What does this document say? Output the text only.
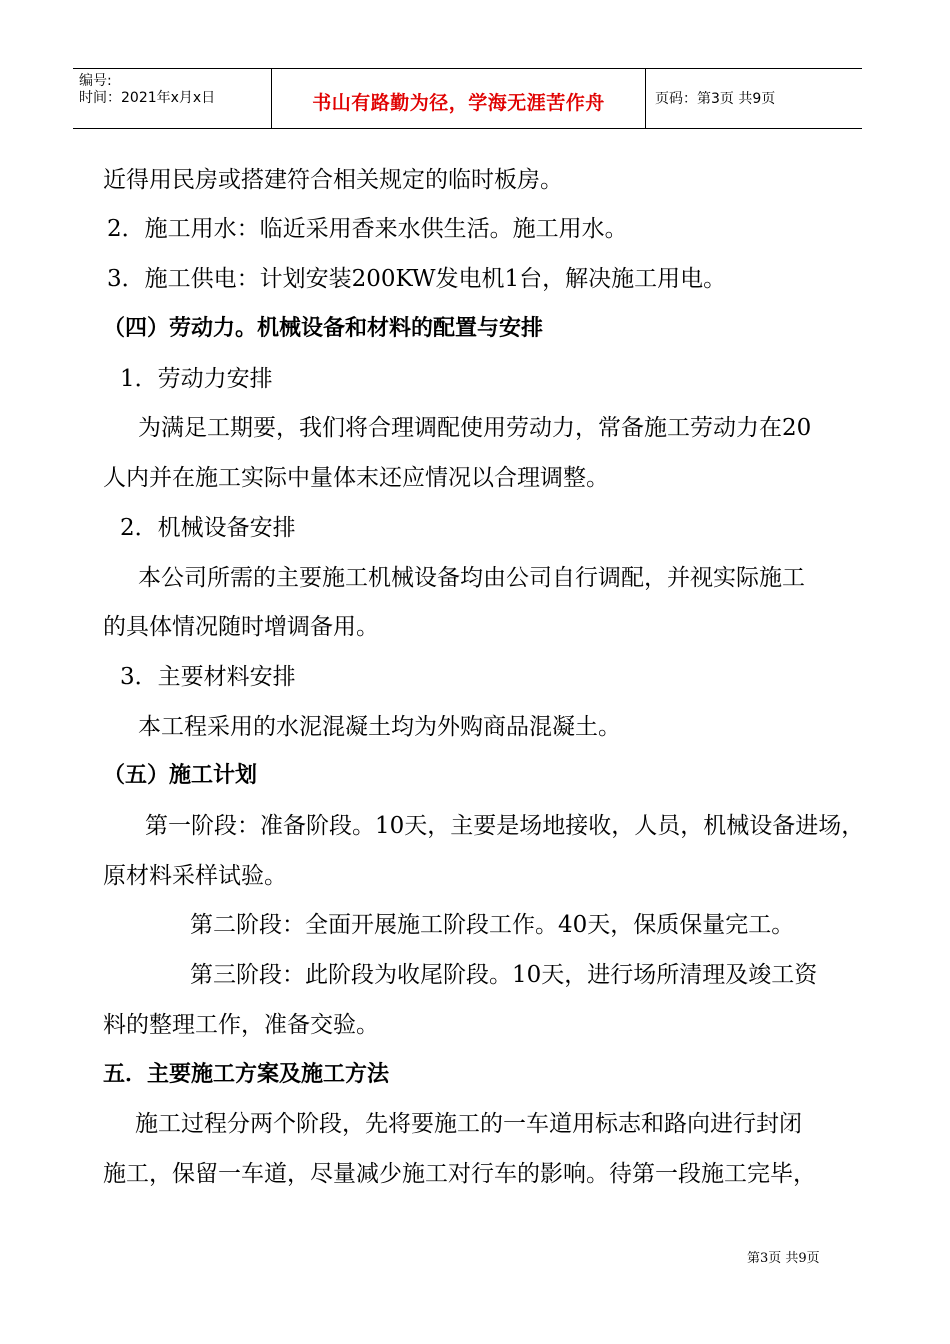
编号:
时间：2021年x月x日	书山有路勤为径，学海无涯苦作舟	页码：第3页 共9页
近得用民房或搭建符合相关规定的临时板房。
2．施工用水：临近采用香来水供生活。施工用水。
3．施工供电：计划安装200KW发电机1台，解决施工用电。
（四）劳动力。机械设备和材料的配置与安排
1．劳动力安排
为满足工期要，我们将合理调配使用劳动力，常备施工劳动力在20
人内并在施工实际中量体末还应情况以合理调整。
2．机械设备安排
本公司所需的主要施工机械设备均由公司自行调配，并视实际施工
的具体情况随时增调备用。
3．主要材料安排
本工程采用的水泥混凝土均为外购商品混凝土。
（五）施工计划
第一阶段：准备阶段。10天，主要是场地接收，人员，机械设备进场，
原材料采样试验。
第二阶段：全面开展施工阶段工作。40天，保质保量完工。
第三阶段：此阶段为收尾阶段。10天，进行场所清理及竣工资
料的整理工作，准备交验。
五．主要施工方案及施工方法
施工过程分两个阶段，先将要施工的一车道用标志和路向进行封闭
施工，保留一车道，尽量减少施工对行车的影响。待第一段施工完毕，
第3页 共9页
